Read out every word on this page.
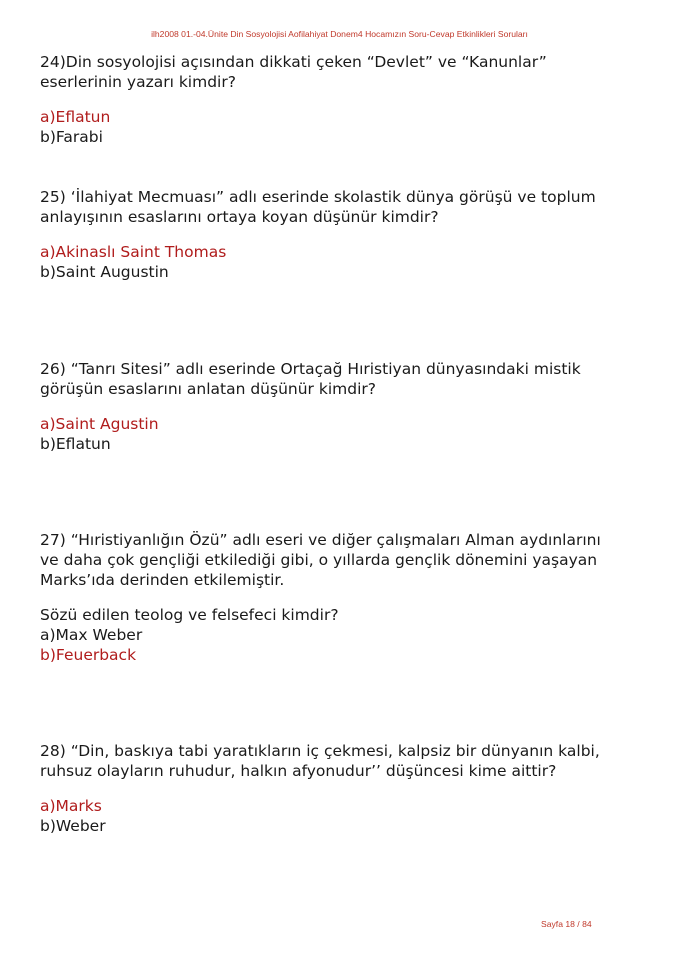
ilh2008 01.-04.Ünite Din Sosyolojisi Aofilahiyat Donem4 Hocamızın Soru-Cevap Etkinlikleri Soruları
24)Din sosyolojisi açısından dikkati çeken “Devlet” ve “Kanunlar”
eserlerinin yazarı kimdir?
a)Eflatun
b)Farabi
25) ‘İlahiyat Mecmuası” adlı eserinde skolastik dünya görüşü ve toplum
anlayışının esaslarını ortaya koyan düşünür kimdir?
a)Akinaslı Saint Thomas
b)Saint Augustin
26) “Tanrı Sitesi” adlı eserinde Ortaçağ Hıristiyan dünyasındaki mistik
görüşün esaslarını anlatan düşünür kimdir?
a)Saint Agustin
b)Eflatun
27) “Hıristiyanlığın Özü” adlı eseri ve diğer çalışmaları Alman aydınlarını
ve daha çok gençliği etkilediği gibi, o yıllarda gençlik dönemini yaşayan
Marks’ıda derinden etkilemiştir.
Sözü edilen teolog ve felsefeci kimdir?
a)Max Weber
b)Feuerback
28) “Din, baskıya tabi yaratıkların iç çekmesi, kalpsiz bir dünyanın kalbi,
ruhsuz olayların ruhudur, halkın afyonudur’’ düşüncesi kime aittir?
a)Marks
b)Weber
Sayfa 18 / 84
